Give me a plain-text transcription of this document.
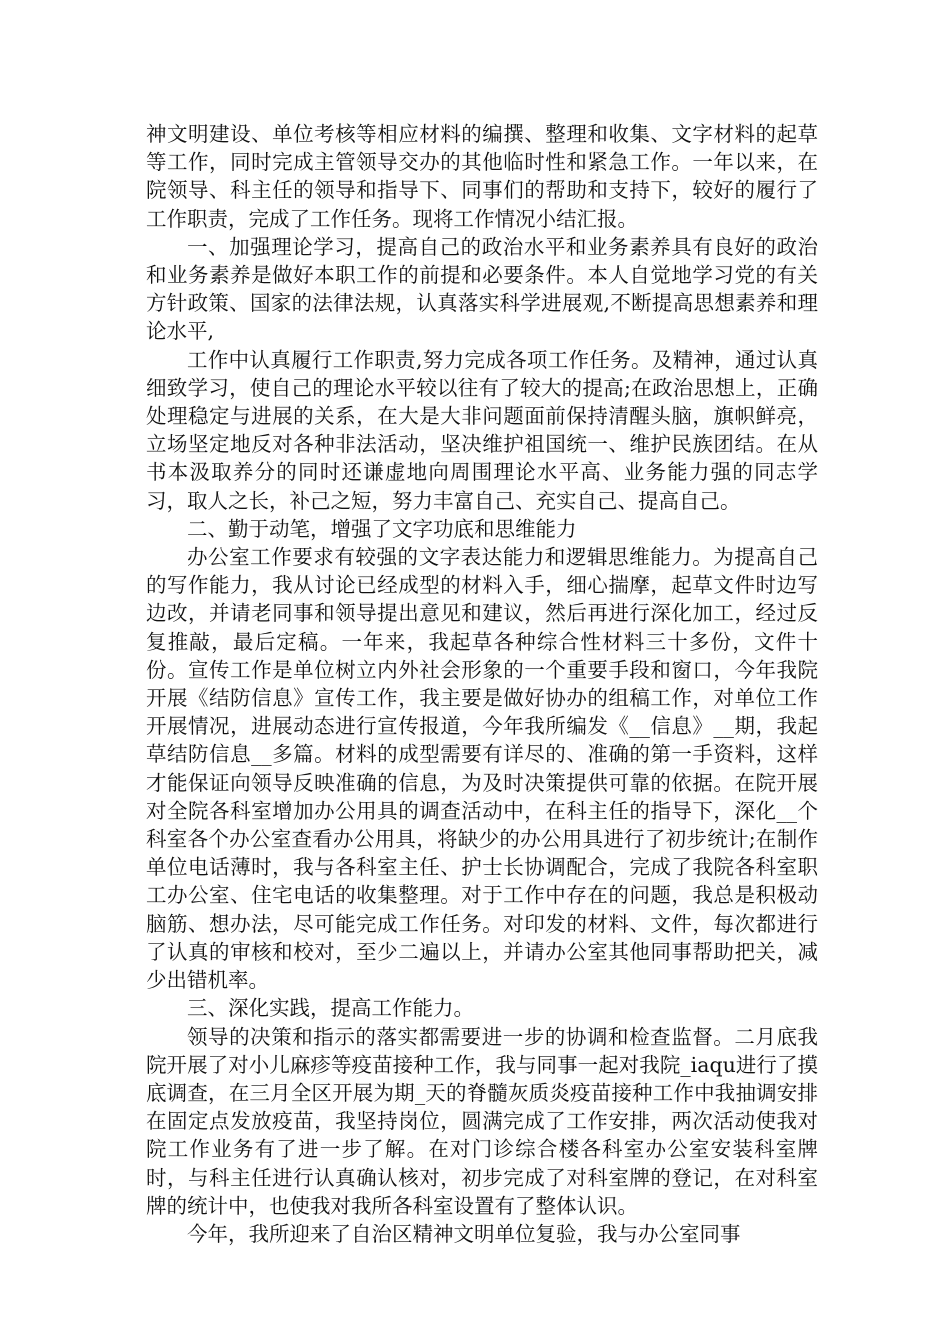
神文明建设、单位考核等相应材料的编撰、整理和收集、文字材料的起草等工作，同时完成主管领导交办的其他临时性和紧急工作。一年以来，在院领导、科主任的领导和指导下、同事们的帮助和支持下，较好的履行了工作职责，完成了工作任务。现将工作情况小结汇报。

一、加强理论学习，提高自己的政治水平和业务素养具有良好的政治和业务素养是做好本职工作的前提和必要条件。本人自觉地学习党的有关方针政策、国家的法律法规，认真落实科学进展观,不断提高思想素养和理论水平,

工作中认真履行工作职责,努力完成各项工作任务。及精神，通过认真细致学习，使自己的理论水平较以往有了较大的提高;在政治思想上，正确处理稳定与进展的关系，在大是大非问题面前保持清醒头脑，旗帜鲜亮，立场坚定地反对各种非法活动，坚决维护祖国统一、维护民族团结。在从书本汲取养分的同时还谦虚地向周围理论水平高、业务能力强的同志学习，取人之长，补己之短，努力丰富自己、充实自己、提高自己。

二、勤于动笔，增强了文字功底和思维能力

办公室工作要求有较强的文字表达能力和逻辑思维能力。为提高自己的写作能力，我从讨论已经成型的材料入手，细心揣摩，起草文件时边写边改，并请老同事和领导提出意见和建议，然后再进行深化加工，经过反复推敲，最后定稿。一年来，我起草各种综合性材料三十多份，文件十份。宣传工作是单位树立内外社会形象的一个重要手段和窗口，今年我院开展《结防信息》宣传工作，我主要是做好协办的组稿工作，对单位工作开展情况，进展动态进行宣传报道，今年我所编发《__信息》__期，我起草结防信息__多篇。材料的成型需要有详尽的、准确的第一手资料，这样才能保证向领导反映准确的信息，为及时决策提供可靠的依据。在院开展对全院各科室增加办公用具的调查活动中，在科主任的指导下，深化__个科室各个办公室查看办公用具，将缺少的办公用具进行了初步统计;在制作单位电话薄时，我与各科室主任、护士长协调配合，完成了我院各科室职工办公室、住宅电话的收集整理。对于工作中存在的问题，我总是积极动脑筋、想办法，尽可能完成工作任务。对印发的材料、文件，每次都进行了认真的审核和校对，至少二遍以上，并请办公室其他同事帮助把关，减少出错机率。

三、深化实践，提高工作能力。

领导的决策和指示的落实都需要进一步的协调和检查监督。二月底我院开展了对小儿麻疹等疫苗接种工作，我与同事一起对我院_iaqu进行了摸底调查，在三月全区开展为期_天的脊髓灰质炎疫苗接种工作中我抽调安排在固定点发放疫苗，我坚持岗位，圆满完成了工作安排，两次活动使我对院工作业务有了进一步了解。在对门诊综合楼各科室办公室安装科室牌时，与科主任进行认真确认核对，初步完成了对科室牌的登记，在对科室牌的统计中，也使我对我所各科室设置有了整体认识。

今年，我所迎来了自治区精神文明单位复验，我与办公室同事
